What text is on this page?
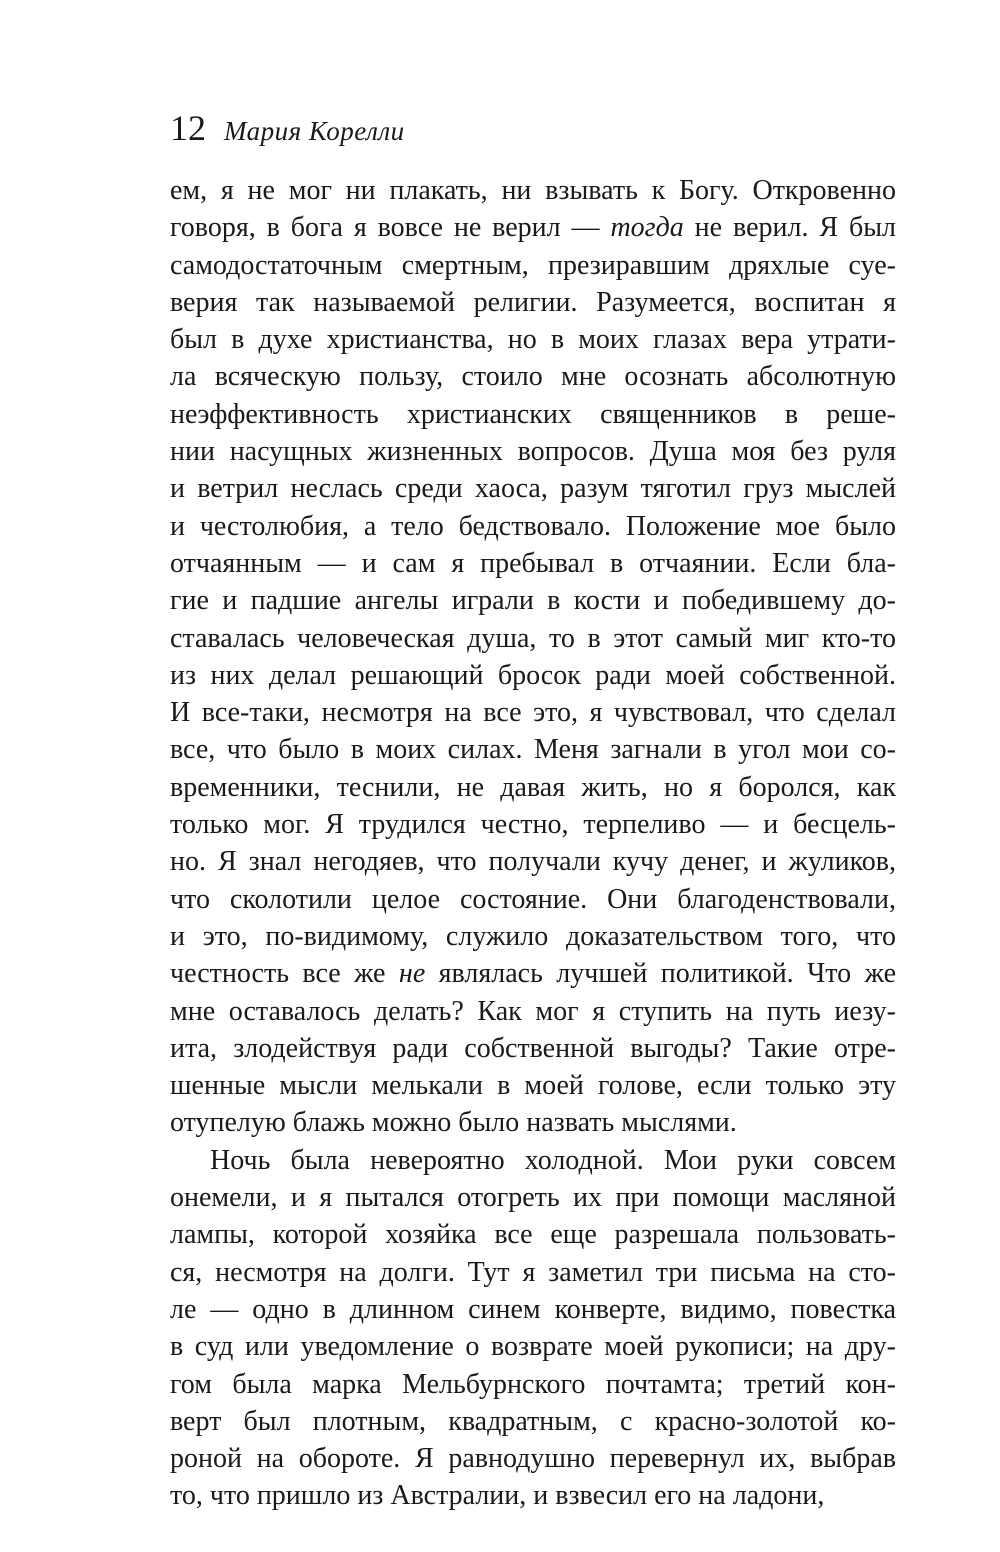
12 Мария Корелли
ем, я не мог ни плакать, ни взывать к Богу. Откровенно
говоря, в бога я вовсе не верил — тогда не верил. Я был
самодостаточным смертным, презиравшим дряхлые суе-
верия так называемой религии. Разумеется, воспитан я
был в духе христианства, но в моих глазах вера утрати-
ла всяческую пользу, стоило мне осознать абсолютную
неэффективность христианских священников в реше-
нии насущных жизненных вопросов. Душа моя без руля
и ветрил неслась среди хаоса, разум тяготил груз мыслей
и честолюбия, а тело бедствовало. Положение мое было
отчаянным — и сам я пребывал в отчаянии. Если бла-
гие и падшие ангелы играли в кости и победившему до-
ставалась человеческая душа, то в этот самый миг кто-то
из них делал решающий бросок ради моей собственной.
И все-таки, несмотря на все это, я чувствовал, что сделал
все, что было в моих силах. Меня загнали в угол мои со-
временники, теснили, не давая жить, но я боролся, как
только мог. Я трудился честно, терпеливо — и бесцель-
но. Я знал негодяев, что получали кучу денег, и жуликов,
что сколотили целое состояние. Они благоденствовали,
и это, по-видимому, служило доказательством того, что
честность все же не являлась лучшей политикой. Что же
мне оставалось делать? Как мог я ступить на путь иезу-
ита, злодействуя ради собственной выгоды? Такие отре-
шенные мысли мелькали в моей голове, если только эту
отупелую блажь можно было назвать мыслями.
Ночь была невероятно холодной. Мои руки совсем
онемели, и я пытался отогреть их при помощи масляной
лампы, которой хозяйка все еще разрешала пользовать-
ся, несмотря на долги. Тут я заметил три письма на сто-
ле — одно в длинном синем конверте, видимо, повестка
в суд или уведомление о возврате моей рукописи; на дру-
гом была марка Мельбурнского почтамта; третий кон-
верт был плотным, квадратным, с красно-золотой ко-
роной на обороте. Я равнодушно перевернул их, выбрав
то, что пришло из Австралии, и взвесил его на ладони,
